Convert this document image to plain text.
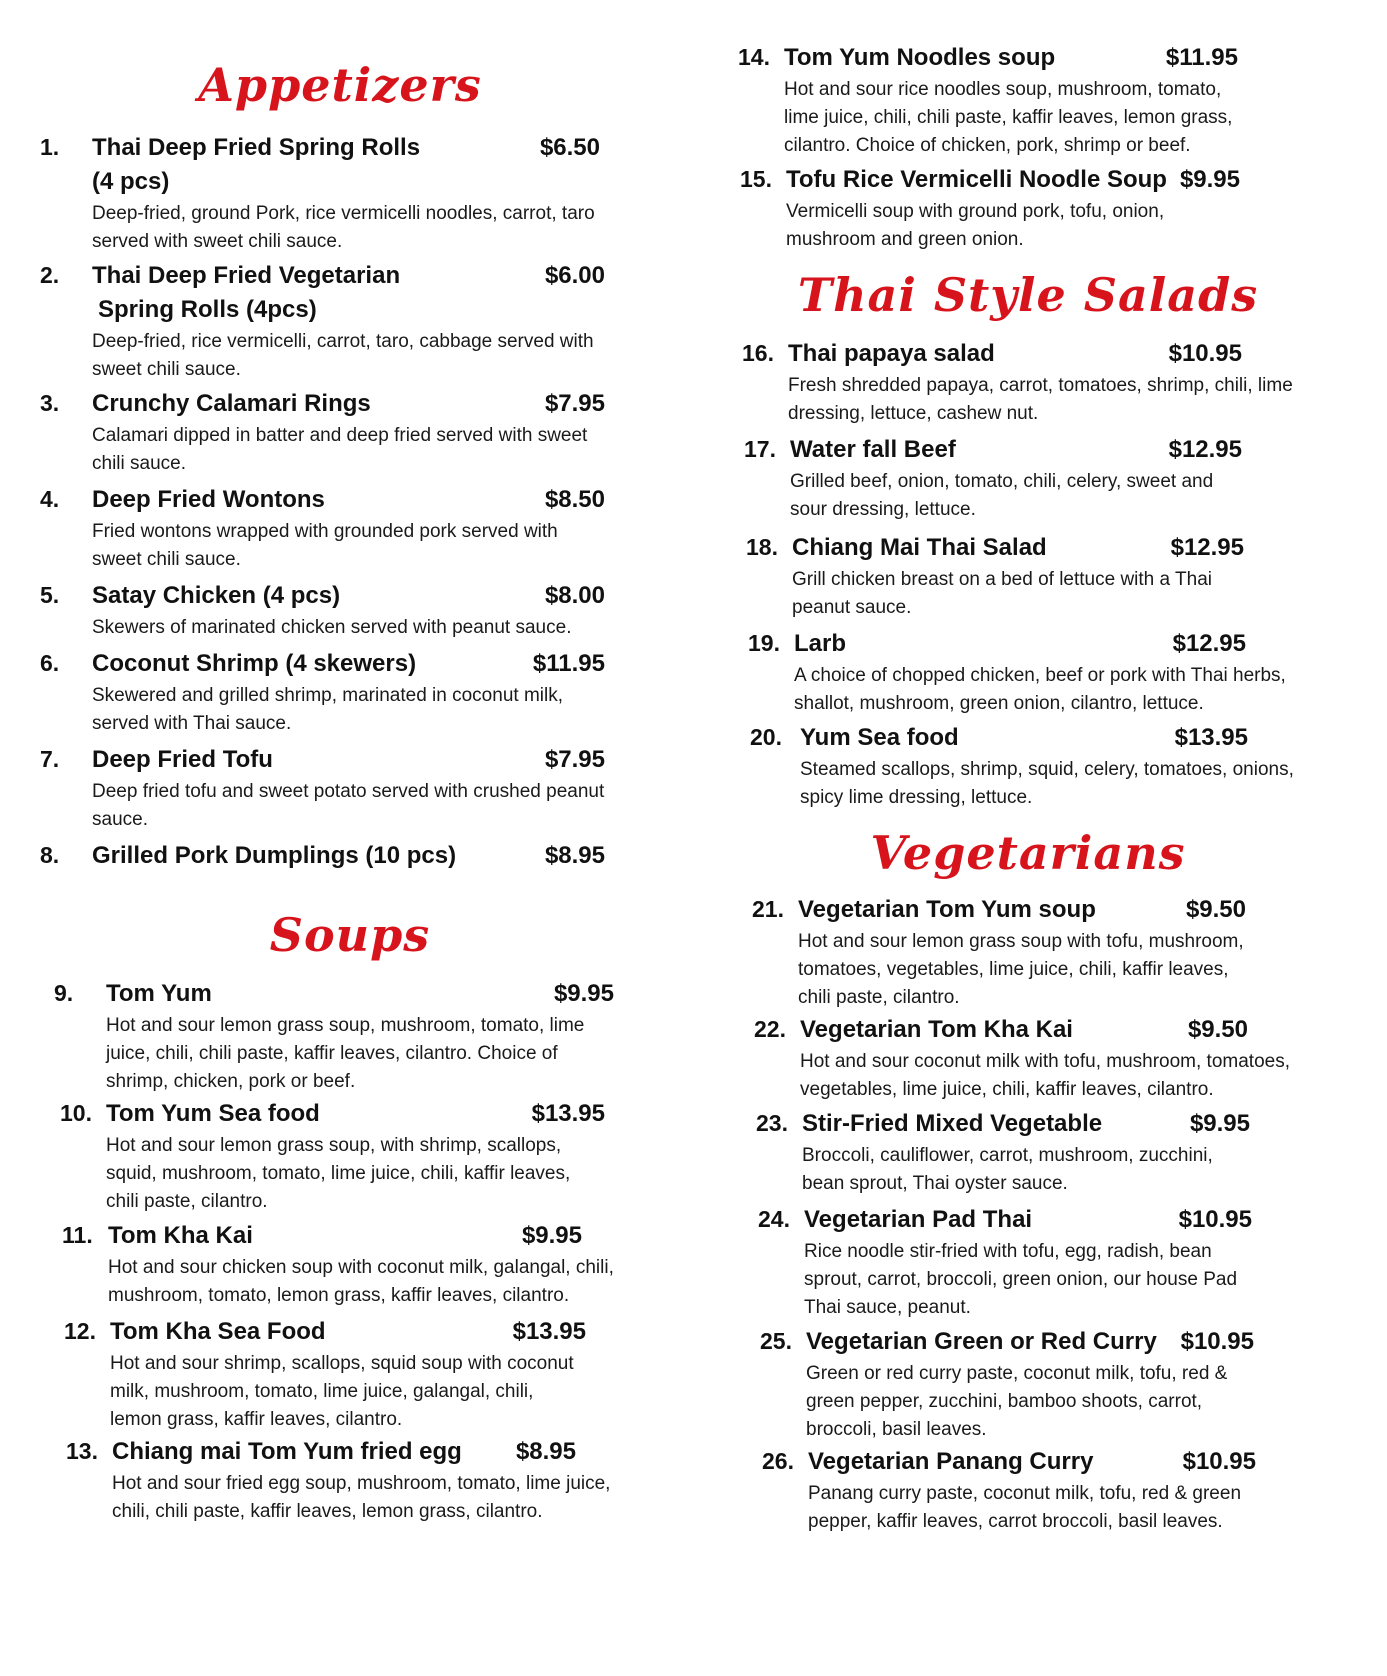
Appetizers
1.	Thai Deep Fried Spring Rolls	$6.50
(4 pcs)
Deep-fried, ground Pork, rice vermicelli noodles, carrot, taro served with sweet chili sauce.
2.	Thai Deep Fried Vegetarian	$6.00
Spring Rolls (4pcs)
Deep-fried, rice vermicelli, carrot, taro, cabbage served with sweet chili sauce.
3.	Crunchy Calamari Rings	$7.95
Calamari dipped in batter and deep fried served with sweet chili sauce.
4.	Deep Fried Wontons	$8.50
Fried wontons wrapped with grounded pork served with sweet chili sauce.
5.	Satay Chicken (4 pcs)	$8.00
Skewers of marinated chicken served with peanut sauce.
6.	Coconut Shrimp (4 skewers)	$11.95
Skewered and grilled shrimp, marinated in coconut milk, served with Thai sauce.
7.	Deep Fried Tofu	$7.95
Deep fried tofu and sweet potato served with crushed peanut sauce.
8.	Grilled Pork Dumplings (10 pcs)	$8.95
Soups
9.	Tom Yum	$9.95
Hot and sour lemon grass soup, mushroom, tomato, lime juice, chili, chili paste, kaffir leaves, cilantro. Choice of shrimp, chicken, pork or beef.
10. Tom Yum Sea food	$13.95
Hot and sour lemon grass soup, with shrimp, scallops, squid, mushroom, tomato, lime juice, chili, kaffir leaves, chili paste, cilantro.
11. Tom Kha Kai	$9.95
Hot and sour chicken soup with coconut milk, galangal, chili, mushroom, tomato, lemon grass, kaffir leaves, cilantro.
12. Tom Kha Sea Food	$13.95
Hot and sour shrimp, scallops, squid soup with coconut milk, mushroom, tomato, lime juice, galangal, chili, lemon grass, kaffir leaves, cilantro.
13. Chiang mai Tom Yum fried egg	$8.95
Hot and sour fried egg soup, mushroom, tomato, lime juice, chili, chili paste, kaffir leaves, lemon grass, cilantro.
14. Tom Yum Noodles soup	$11.95
Hot and sour rice noodles soup, mushroom, tomato, lime juice, chili, chili paste, kaffir leaves, lemon grass, cilantro. Choice of chicken, pork, shrimp or beef.
15. Tofu Rice Vermicelli Noodle Soup $9.95
Vermicelli soup with ground pork, tofu, onion, mushroom and green onion.
Thai Style Salads
16. Thai papaya salad	$10.95
Fresh shredded papaya, carrot, tomatoes, shrimp, chili, lime dressing, lettuce, cashew nut.
17. Water fall Beef	$12.95
Grilled beef, onion, tomato, chili, celery, sweet and sour dressing, lettuce.
18. Chiang Mai Thai Salad	$12.95
Grill chicken breast on a bed of lettuce with a Thai peanut sauce.
19. Larb	$12.95
A choice of chopped chicken, beef or pork with Thai herbs, shallot, mushroom, green onion, cilantro, lettuce.
20. Yum Sea food	$13.95
Steamed scallops, shrimp, squid, celery, tomatoes, onions, spicy lime dressing, lettuce.
Vegetarians
21. Vegetarian Tom Yum soup	$9.50
Hot and sour lemon grass soup with tofu, mushroom, tomatoes, vegetables, lime juice, chili, kaffir leaves, chili paste, cilantro.
22. Vegetarian Tom Kha Kai	$9.50
Hot and sour coconut milk with tofu, mushroom, tomatoes, vegetables, lime juice, chili, kaffir leaves, cilantro.
23. Stir-Fried Mixed Vegetable	$9.95
Broccoli, cauliflower, carrot, mushroom, zucchini, bean sprout, Thai oyster sauce.
24. Vegetarian Pad Thai	$10.95
Rice noodle stir-fried with tofu, egg, radish, bean sprout, carrot, broccoli, green onion, our house Pad Thai sauce, peanut.
25. Vegetarian Green or Red Curry $10.95
Green or red curry paste, coconut milk, tofu, red & green pepper, zucchini, bamboo shoots, carrot, broccoli, basil leaves.
26. Vegetarian Panang Curry	$10.95
Panang curry paste, coconut milk, tofu, red & green pepper, kaffir leaves, carrot broccoli, basil leaves.
